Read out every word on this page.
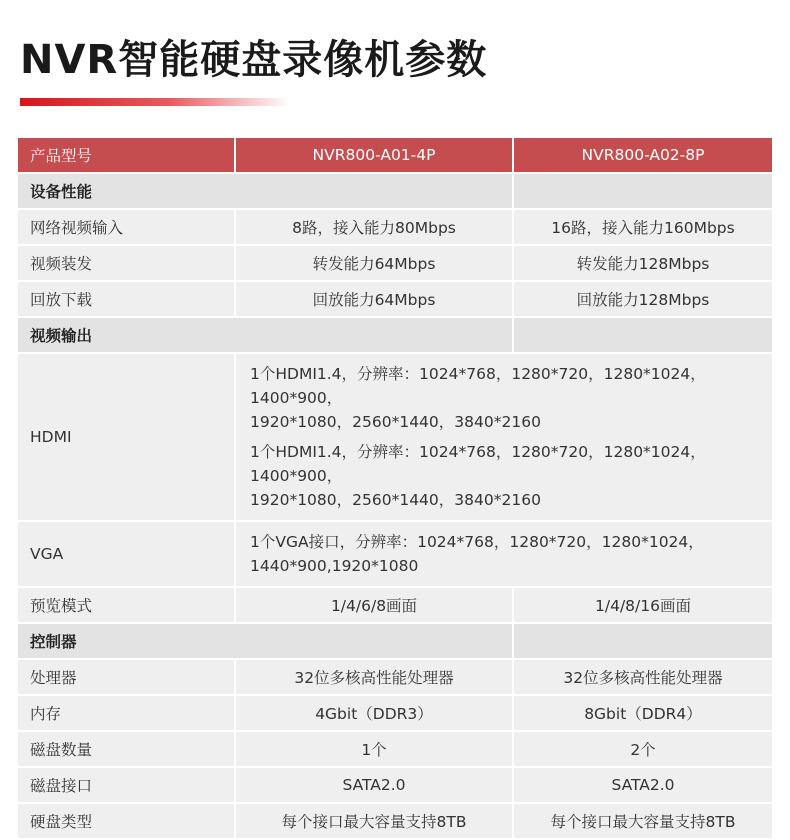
NVR智能硬盘录像机参数
产品型号	NVR800-A01-4P	NVR800-A02-8P
设备性能		
网络视频输入	8路，接入能力80Mbps	16路，接入能力160Mbps
视频装发	转发能力64Mbps	转发能力128Mbps
回放下载	回放能力64Mbps	回放能力128Mbps
视频输出		
HDMI	1个HDMI1.4，分辨率：1024*768，1280*720，1280*1024，1400*900，
1920*1080，2560*1440，3840*2160
1个HDMI1.4，分辨率：1024*768，1280*720，1280*1024，1400*900，
1920*1080，2560*1440，3840*2160	

VGA	1个VGA接口，分辨率：1024*768，1280*720，1280*1024，
1440*900,1920*1080	

预览模式	1/4/6/8画面	1/4/8/16画面
控制器		
处理器	32位多核高性能处理器	32位多核高性能处理器
内存	4Gbit（DDR3）	8Gbit（DDR4）
磁盘数量	1个	2个
磁盘接口	SATA2.0	SATA2.0
硬盘类型	每个接口最大容量支持8TB	每个接口最大容量支持8TB
